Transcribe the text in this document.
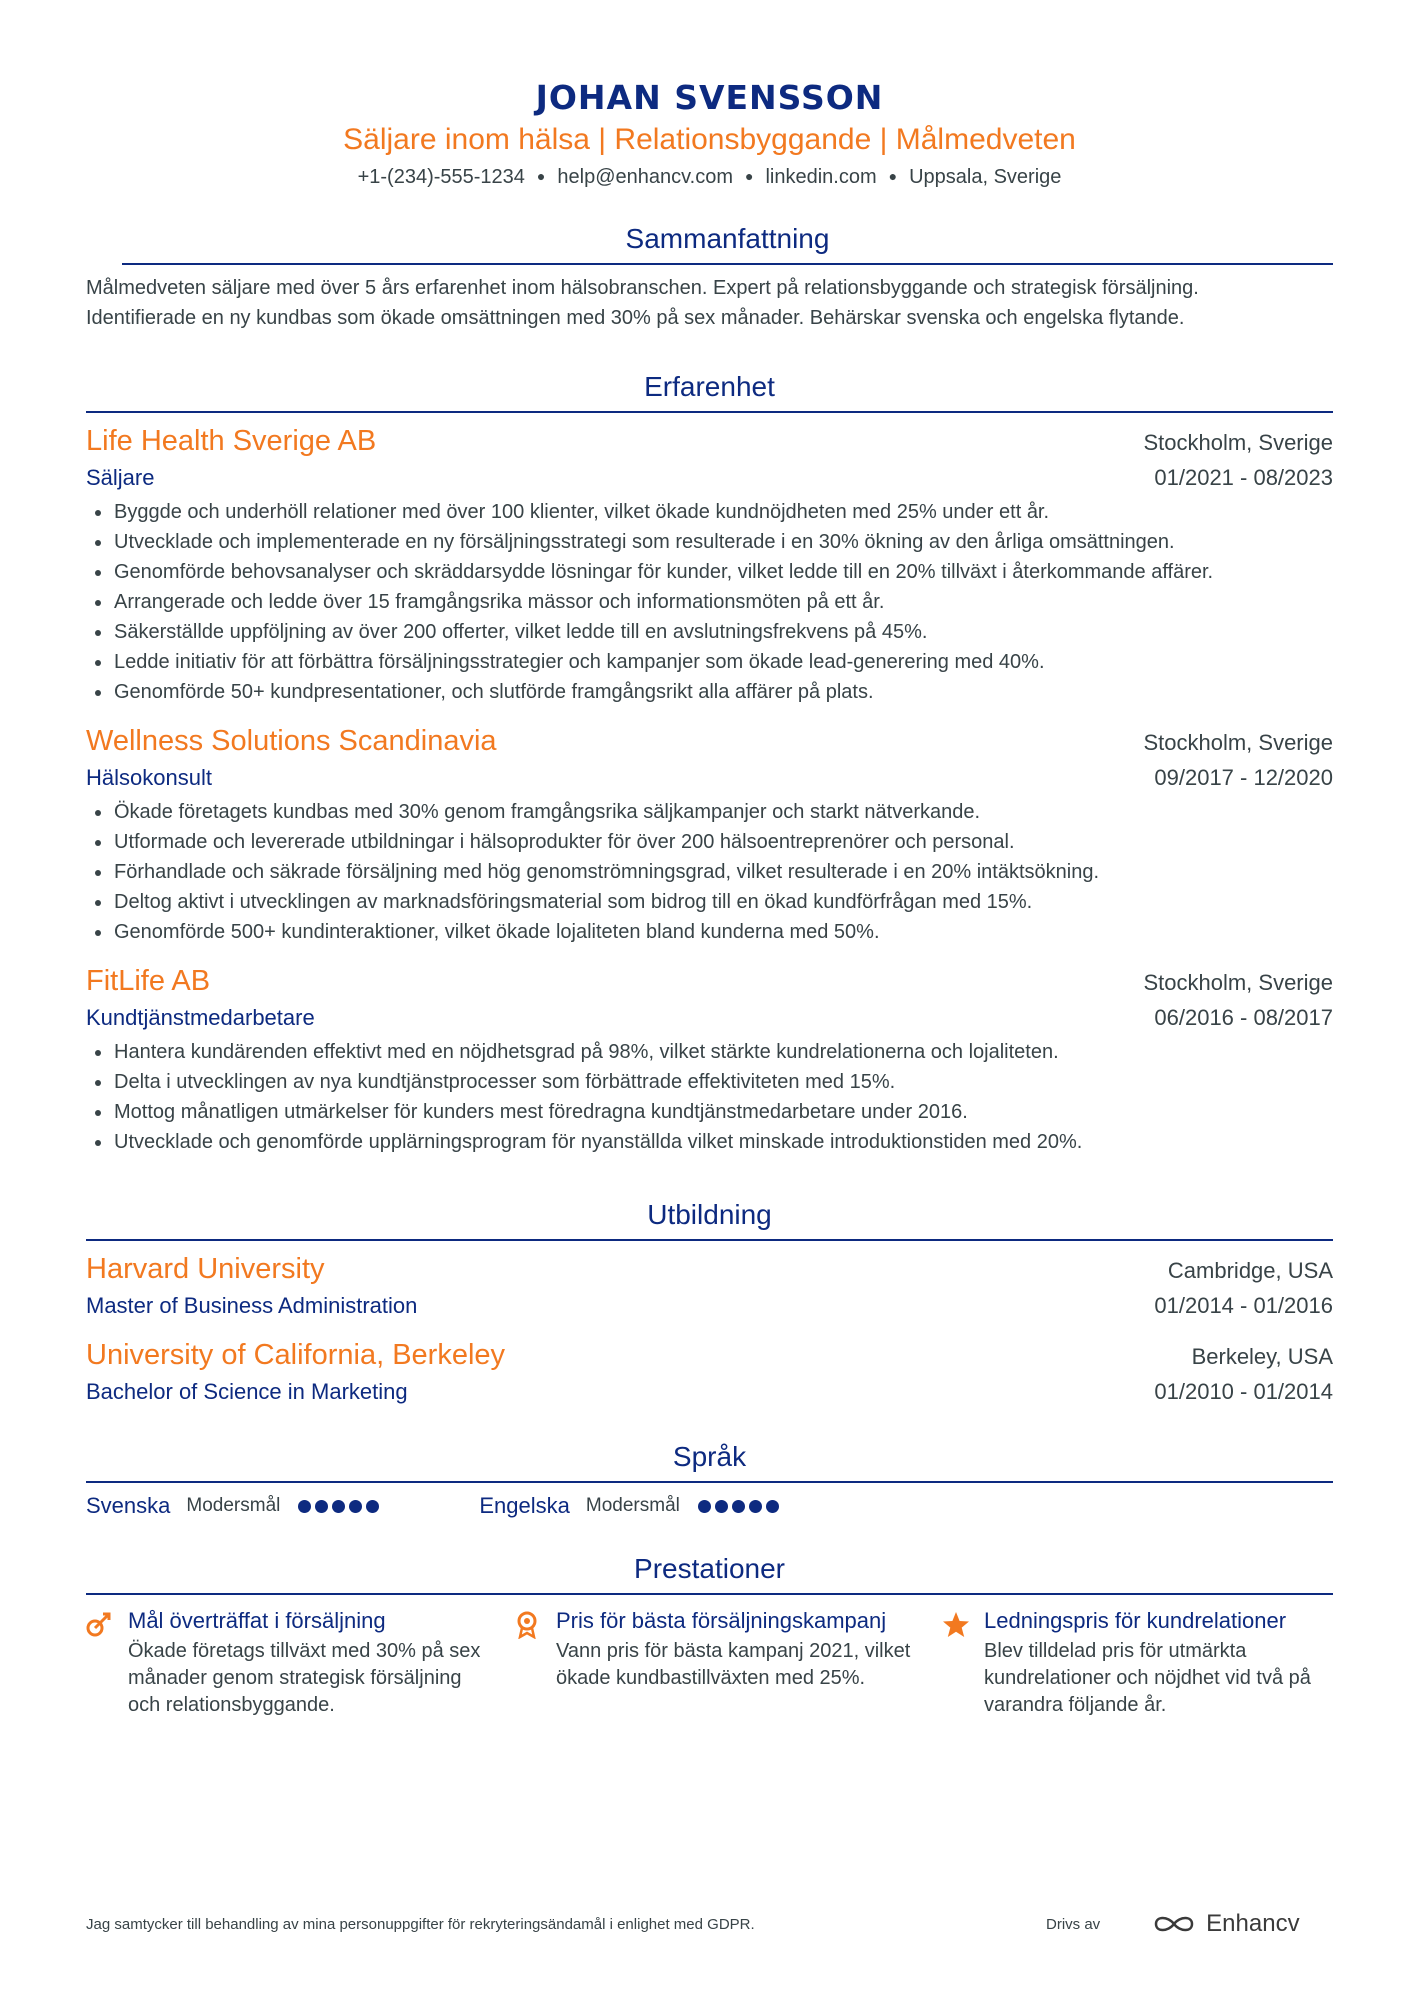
JOHAN SVENSSON
Säljare inom hälsa | Relationsbyggande | Målmedveten
+1-(234)-555-1234 ● help@enhancv.com ● linkedin.com ● Uppsala, Sverige
Sammanfattning
Målmedveten säljare med över 5 års erfarenhet inom hälsobranschen. Expert på relationsbyggande och strategisk försäljning. Identifierade en ny kundbas som ökade omsättningen med 30% på sex månader. Behärskar svenska och engelska flytande.
Erfarenhet
Life Health Sverige AB	Stockholm, Sverige
Säljare	01/2021 - 08/2023
Byggde och underhöll relationer med över 100 klienter, vilket ökade kundnöjdheten med 25% under ett år.
Utvecklade och implementerade en ny försäljningsstrategi som resulterade i en 30% ökning av den årliga omsättningen.
Genomförde behovsanalyser och skräddarsydde lösningar för kunder, vilket ledde till en 20% tillväxt i återkommande affärer.
Arrangerade och ledde över 15 framgångsrika mässor och informationsmöten på ett år.
Säkerställde uppföljning av över 200 offerter, vilket ledde till en avslutningsfrekvens på 45%.
Ledde initiativ för att förbättra försäljningsstrategier och kampanjer som ökade lead-generering med 40%.
Genomförde 50+ kundpresentationer, och slutförde framgångsrikt alla affärer på plats.
Wellness Solutions Scandinavia	Stockholm, Sverige
Hälsokonsult	09/2017 - 12/2020
Ökade företagets kundbas med 30% genom framgångsrika säljkampanjer och starkt nätverkande.
Utformade och levererade utbildningar i hälsoprodukter för över 200 hälsoentreprenörer och personal.
Förhandlade och säkrade försäljning med hög genomströmningsgrad, vilket resulterade i en 20% intäktsökning.
Deltog aktivt i utvecklingen av marknadsföringsmaterial som bidrog till en ökad kundförfrågan med 15%.
Genomförde 500+ kundinteraktioner, vilket ökade lojaliteten bland kunderna med 50%.
FitLife AB	Stockholm, Sverige
Kundtjänstmedarbetare	06/2016 - 08/2017
Hantera kundärenden effektivt med en nöjdhetsgrad på 98%, vilket stärkte kundrelationerna och lojaliteten.
Delta i utvecklingen av nya kundtjänstprocesser som förbättrade effektiviteten med 15%.
Mottog månatligen utmärkelser för kunders mest föredragna kundtjänstmedarbetare under 2016.
Utvecklade och genomförde upplärningsprogram för nyanställda vilket minskade introduktionstiden med 20%.
Utbildning
Harvard University	Cambridge, USA
Master of Business Administration	01/2014 - 01/2016
University of California, Berkeley	Berkeley, USA
Bachelor of Science in Marketing	01/2010 - 01/2014
Språk
Svenska Modersmål	Engelska Modersmål
Prestationer
Mål överträffat i försäljning
Ökade företags tillväxt med 30% på sex månader genom strategisk försäljning och relationsbyggande.
Pris för bästa försäljningskampanj
Vann pris för bästa kampanj 2021, vilket ökade kundbastillväxten med 25%.
Ledningspris för kundrelationer
Blev tilldelad pris för utmärkta kundrelationer och nöjdhet vid två på varandra följande år.
Jag samtycker till behandling av mina personuppgifter för rekryteringsändamål i enlighet med GDPR.	Drivs av	Enhancv
